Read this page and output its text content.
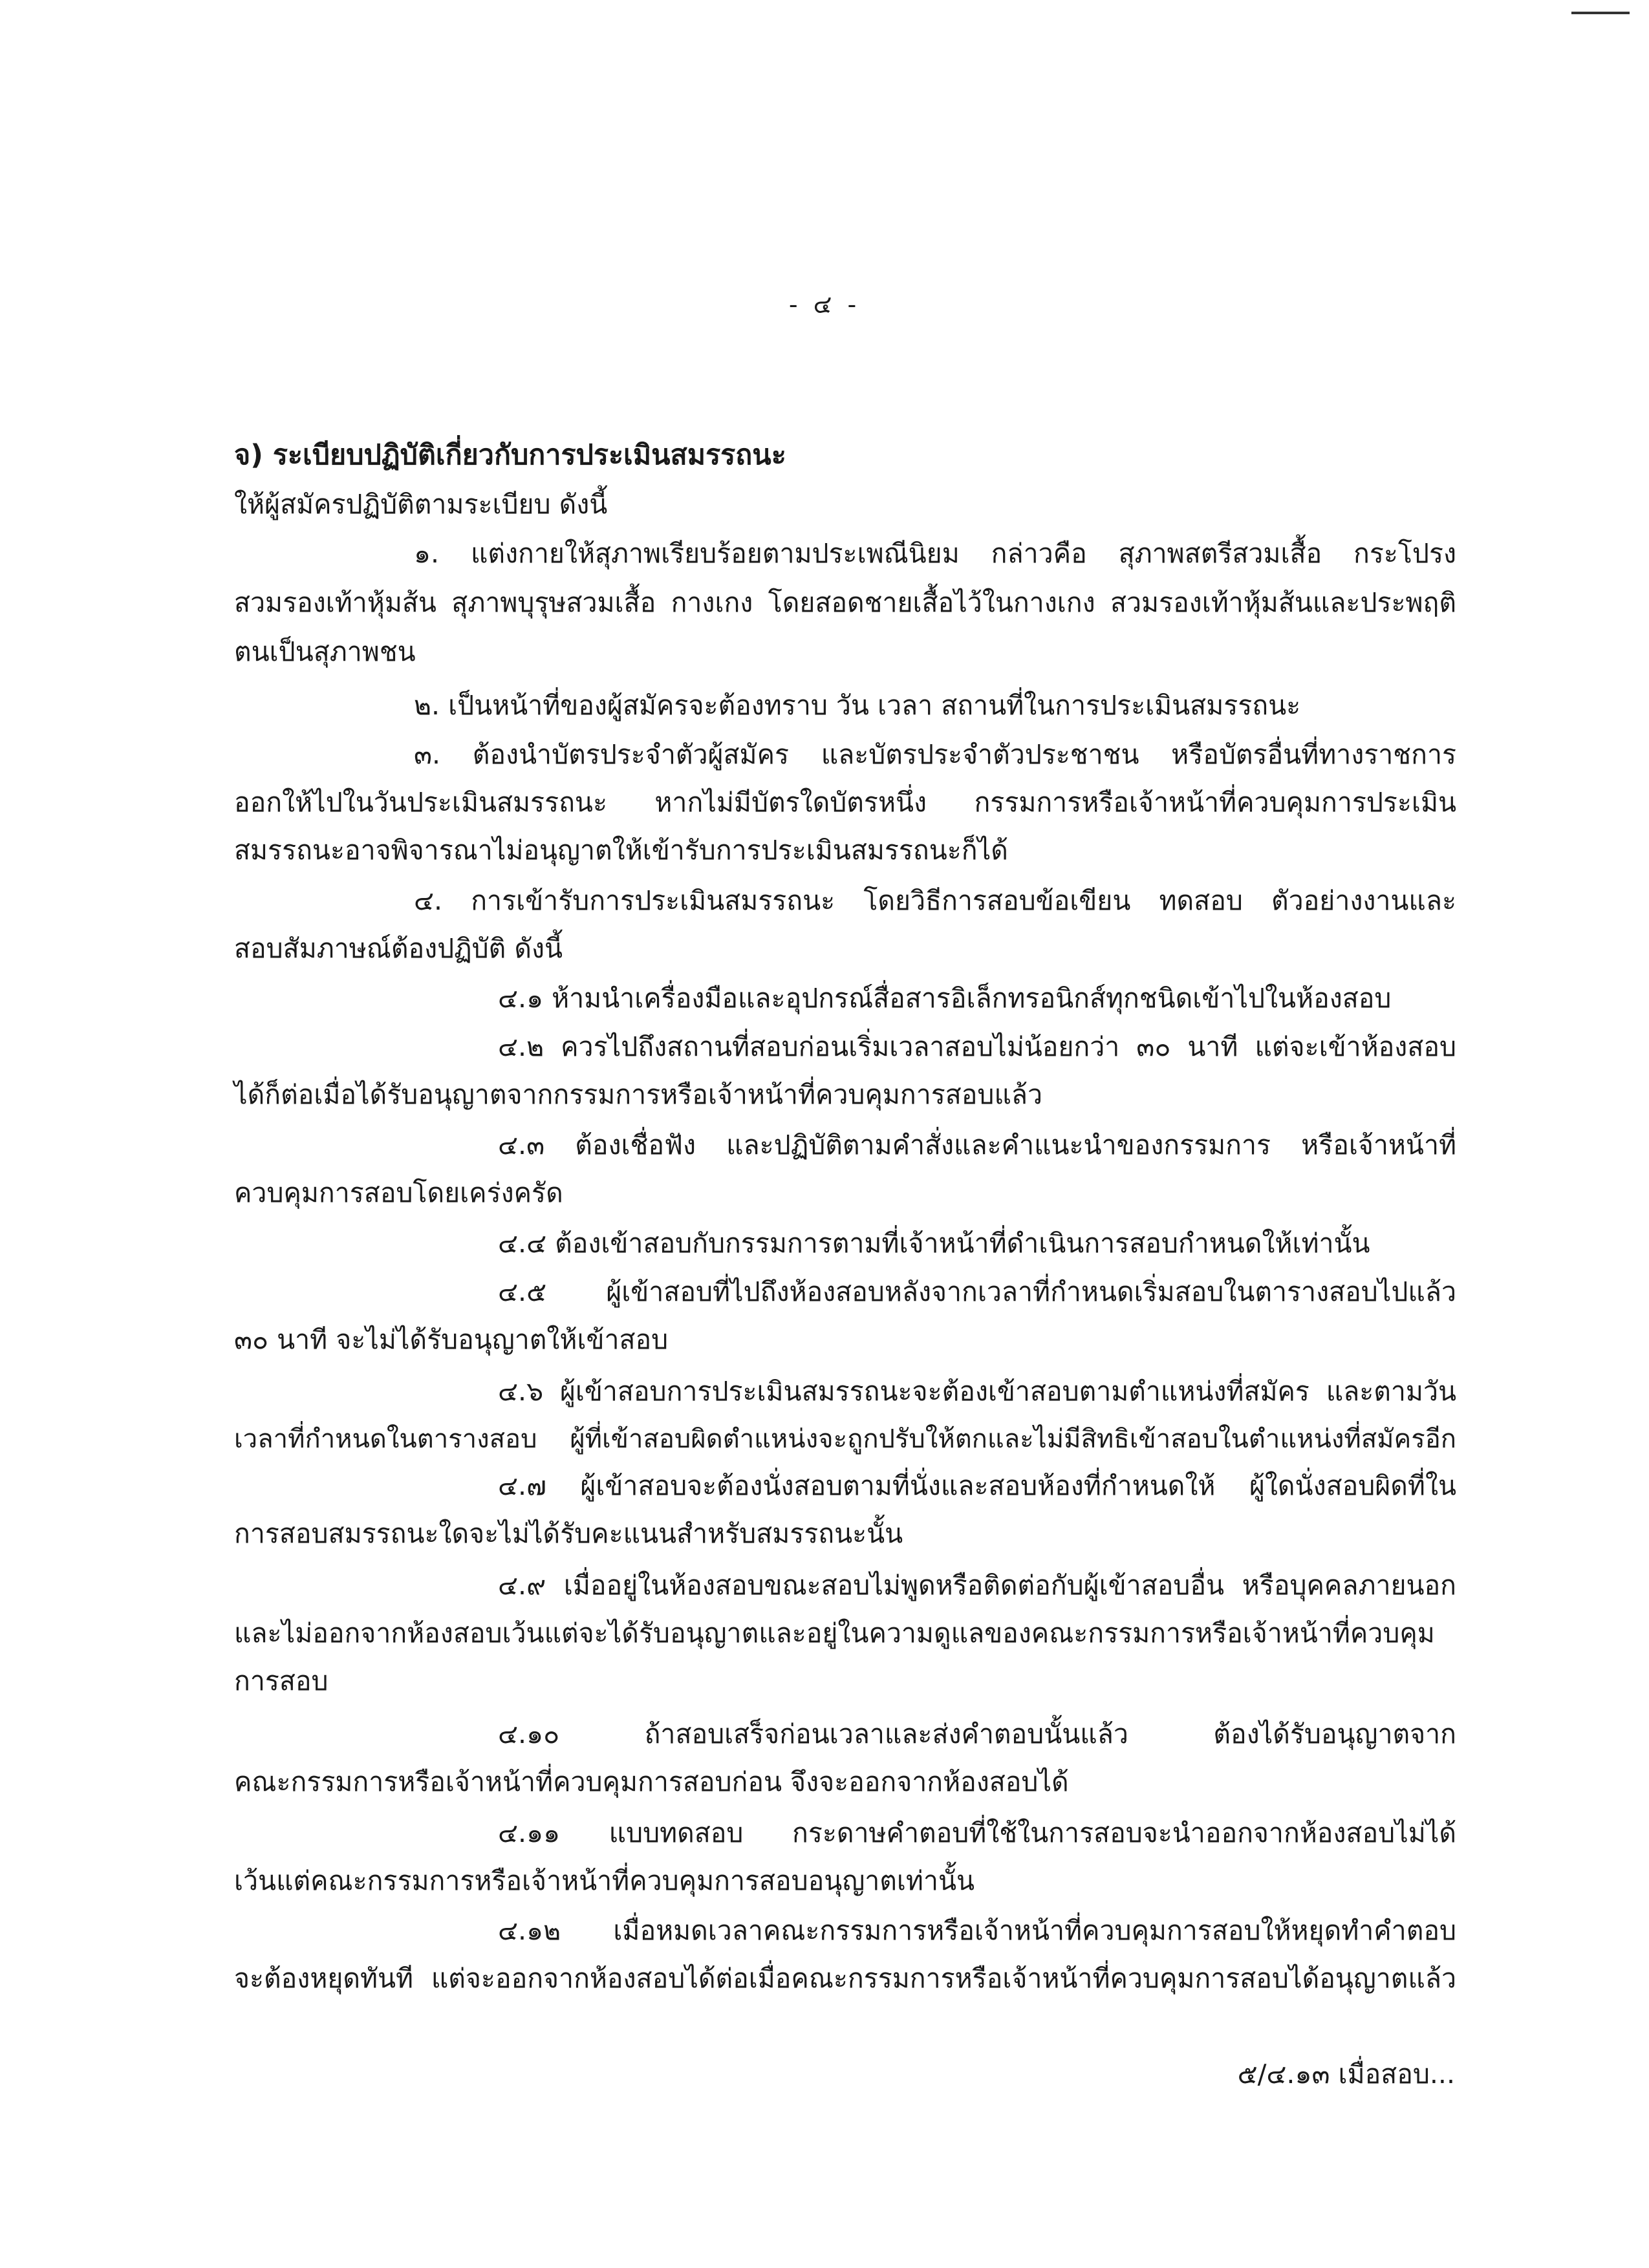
- ๔ -
จ) ระเบียบปฏิบัติเกี่ยวกับการประเมินสมรรถนะ
ให้ผู้สมัครปฏิบัติตามระเบียบ ดังนี้
๑. แต่งกายให้สุภาพเรียบร้อยตามประเพณีนิยม กล่าวคือ สุภาพสตรีสวมเสื้อ กระโปรง
สวมรองเท้าหุ้มส้น สุภาพบุรุษสวมเสื้อ กางเกง โดยสอดชายเสื้อไว้ในกางเกง สวมรองเท้าหุ้มส้นและประพฤติ
ตนเป็นสุภาพชน
๒. เป็นหน้าที่ของผู้สมัครจะต้องทราบ วัน เวลา สถานที่ในการประเมินสมรรถนะ
๓. ต้องนำบัตรประจำตัวผู้สมัคร และบัตรประจำตัวประชาชน หรือบัตรอื่นที่ทางราชการ
ออกให้ไปในวันประเมินสมรรถนะ หากไม่มีบัตรใดบัตรหนึ่ง กรรมการหรือเจ้าหน้าที่ควบคุมการประเมิน
สมรรถนะอาจพิจารณาไม่อนุญาตให้เข้ารับการประเมินสมรรถนะก็ได้
๔. การเข้ารับการประเมินสมรรถนะ โดยวิธีการสอบข้อเขียน ทดสอบ ตัวอย่างงานและ
สอบสัมภาษณ์ต้องปฏิบัติ ดังนี้
๔.๑ ห้ามนำเครื่องมือและอุปกรณ์สื่อสารอิเล็กทรอนิกส์ทุกชนิดเข้าไปในห้องสอบ
๔.๒ ควรไปถึงสถานที่สอบก่อนเริ่มเวลาสอบไม่น้อยกว่า ๓๐ นาที แต่จะเข้าห้องสอบ
ได้ก็ต่อเมื่อได้รับอนุญาตจากกรรมการหรือเจ้าหน้าที่ควบคุมการสอบแล้ว
๔.๓ ต้องเชื่อฟัง และปฏิบัติตามคำสั่งและคำแนะนำของกรรมการ หรือเจ้าหน้าที่
ควบคุมการสอบโดยเคร่งครัด
๔.๔ ต้องเข้าสอบกับกรรมการตามที่เจ้าหน้าที่ดำเนินการสอบกำหนดให้เท่านั้น
๔.๕ ผู้เข้าสอบที่ไปถึงห้องสอบหลังจากเวลาที่กำหนดเริ่มสอบในตารางสอบไปแล้ว
๓๐ นาที จะไม่ได้รับอนุญาตให้เข้าสอบ
๔.๖ ผู้เข้าสอบการประเมินสมรรถนะจะต้องเข้าสอบตามตำแหน่งที่สมัคร และตามวัน
เวลาที่กำหนดในตารางสอบ ผู้ที่เข้าสอบผิดตำแหน่งจะถูกปรับให้ตกและไม่มีสิทธิเข้าสอบในตำแหน่งที่สมัครอีก
๔.๗ ผู้เข้าสอบจะต้องนั่งสอบตามที่นั่งและสอบห้องที่กำหนดให้ ผู้ใดนั่งสอบผิดที่ใน
การสอบสมรรถนะใดจะไม่ได้รับคะแนนสำหรับสมรรถนะนั้น
๔.๙ เมื่ออยู่ในห้องสอบขณะสอบไม่พูดหรือติดต่อกับผู้เข้าสอบอื่น หรือบุคคลภายนอก
และไม่ออกจากห้องสอบเว้นแต่จะได้รับอนุญาตและอยู่ในความดูแลของคณะกรรมการหรือเจ้าหน้าที่ควบคุม
การสอบ
๔.๑๐ ถ้าสอบเสร็จก่อนเวลาและส่งคำตอบนั้นแล้ว ต้องได้รับอนุญาตจาก
คณะกรรมการหรือเจ้าหน้าที่ควบคุมการสอบก่อน จึงจะออกจากห้องสอบได้
๔.๑๑ แบบทดสอบ กระดาษคำตอบที่ใช้ในการสอบจะนำออกจากห้องสอบไม่ได้
เว้นแต่คณะกรรมการหรือเจ้าหน้าที่ควบคุมการสอบอนุญาตเท่านั้น
๔.๑๒ เมื่อหมดเวลาคณะกรรมการหรือเจ้าหน้าที่ควบคุมการสอบให้หยุดทำคำตอบ
จะต้องหยุดทันที แต่จะออกจากห้องสอบได้ต่อเมื่อคณะกรรมการหรือเจ้าหน้าที่ควบคุมการสอบได้อนุญาตแล้ว
๕/๔.๑๓ เมื่อสอบ...
